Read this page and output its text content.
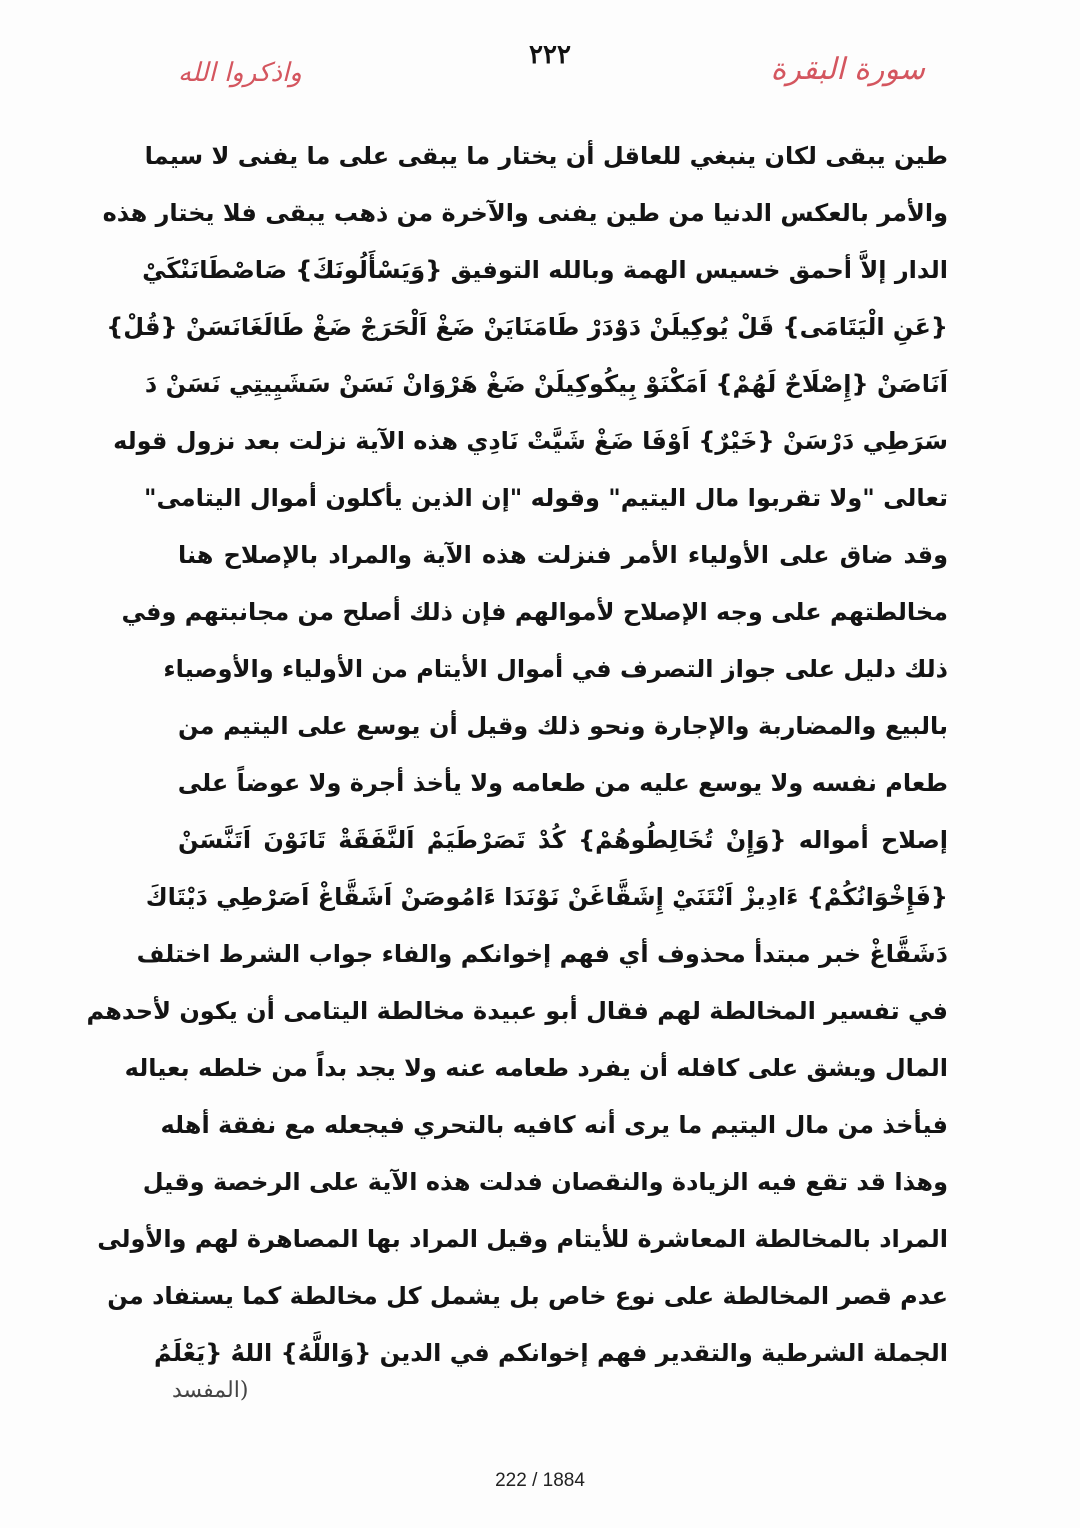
واذكروا الله
٢٢٢	سورة البقرة
طين يبقى لكان ينبغي للعاقل أن يختار ما يبقى على ما يفنى لا سيما
والأمر بالعكس الدنيا من طين يفنى والآخرة من ذهب يبقى فلا يختار هذه
الدار إلاَّ أحمق خسيس الهمة وبالله التوفيق {وَيَسْأَلُونَكَ} صَاصْطَانَنْكَيْ
{عَنِ الْيَتَامَى} قَلْ يُوكِيلَنْ دَوْدَرْ طَامَنَايَنْ ضَغْ اَلْحَرَجْ ضَغْ طَالَغَانَسَنْ {قُلْ}
اَنَاصَنْ {إِصْلَاحٌ لَهُمْ} اَمَكْنَوْ بِيكُوكِيلَنْ ضَغْ هَرْوَانْ نَسَنْ سَشَيِيتِي نَسَنْ دَ
سَرَطِي دَرْسَنْ {خَيْرٌ} اَوْفَا ضَغْ شَيَّتْ نَادِي هذه الآية نزلت بعد نزول قوله
تعالى "ولا تقربوا مال اليتيم" وقوله "إن الذين يأكلون أموال اليتامى"
وقد ضاق على الأولياء الأمر فنزلت هذه الآية والمراد بالإصلاح هنا
مخالطتهم على وجه الإصلاح لأموالهم فإن ذلك أصلح من مجانبتهم وفي
ذلك دليل على جواز التصرف في أموال الأيتام من الأولياء والأوصياء
بالبيع والمضاربة والإجارة ونحو ذلك وقيل أن يوسع على اليتيم من
طعام نفسه ولا يوسع عليه من طعامه ولا يأخذ أجرة ولا عوضاً على
إصلاح أمواله {وَإِنْ تُخَالِطُوهُمْ} كُدْ تَصَرْطَيَمْ اَلنَّفَقَةْ تَانَوْنَ اَتَنَّسَنْ
{فَإِخْوَانُكُمْ} ءَادِيزْ اَنْتَنَيْ إِشَقَّاغَنْ نَوْنَدَا ءَامُوصَنْ اَشَقَّاغْ اَصَرْطِي دَيْتَاكَ
دَشَقَّاغْ خبر مبتدأ محذوف أي فهم إخوانكم والفاء جواب الشرط اختلف
في تفسير المخالطة لهم فقال أبو عبيدة مخالطة اليتامى أن يكون لأحدهم
المال ويشق على كافله أن يفرد طعامه عنه ولا يجد بداً من خلطه بعياله
فيأخذ من مال اليتيم ما يرى أنه كافيه بالتحري فيجعله مع نفقة أهله
وهذا قد تقع فيه الزيادة والنقصان فدلت هذه الآية على الرخصة وقيل
المراد بالمخالطة المعاشرة للأيتام وقيل المراد بها المصاهرة لهم والأولى
عدم قصر المخالطة على نوع خاص بل يشمل كل مخالطة كما يستفاد من
الجملة الشرطية والتقدير فهم إخوانكم في الدين {وَاللَّهُ} اللهُ {يَعْلَمُ
(المفسد
222 / 1884
